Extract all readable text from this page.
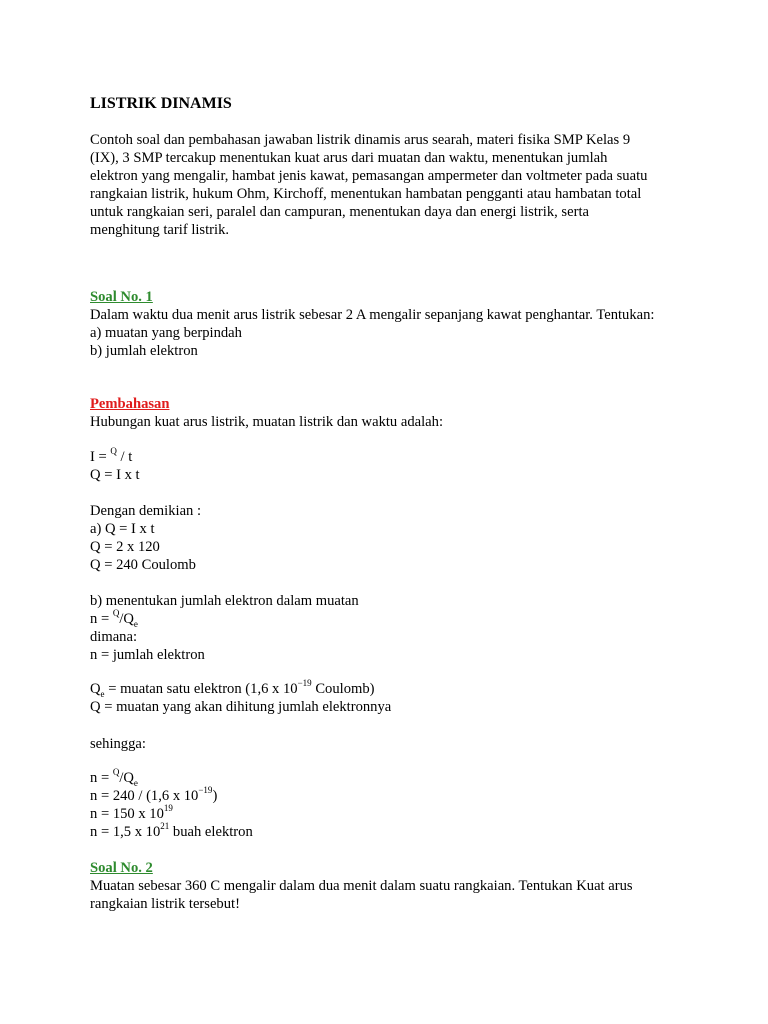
LISTRIK DINAMIS
Contoh soal dan pembahasan jawaban listrik dinamis arus searah, materi fisika SMP Kelas 9
(IX), 3 SMP tercakup menentukan kuat arus dari muatan dan waktu, menentukan jumlah
elektron yang mengalir, hambat jenis kawat, pemasangan ampermeter dan voltmeter pada suatu
rangkaian listrik, hukum Ohm, Kirchoff, menentukan hambatan pengganti atau hambatan total
untuk rangkaian seri, paralel dan campuran, menentukan daya dan energi listrik, serta
menghitung tarif listrik.
Soal No. 1
Dalam waktu dua menit arus listrik sebesar 2 A mengalir sepanjang kawat penghantar. Tentukan:
a) muatan yang berpindah
b) jumlah elektron
Pembahasan
Hubungan kuat arus listrik, muatan listrik dan waktu adalah:
I = $^Q$ / t
Q = I x t
Dengan demikian :
a) Q = I x t
Q = 2 x 120
Q = 240 Coulomb
b) menentukan jumlah elektron dalam muatan
$n = ^Q/Q_e$
dimana:
n = jumlah elektron
$Q_e = muatan$ satu elektron (1,6 x $10^{-19}$ Coulomb)
Q = muatan yang akan dihitung jumlah elektronnya
sehingga:
$n = ^Q/Q_e$
n = 240 / (1,6 x $10^{-19}$)
n = 150 x $10^{19}$
n = 1,5 x $10^{21}$ buah elektron
Soal No. 2
Muatan sebesar 360 C mengalir dalam dua menit dalam suatu rangkaian. Tentukan Kuat arus
rangkaian listrik tersebut!
